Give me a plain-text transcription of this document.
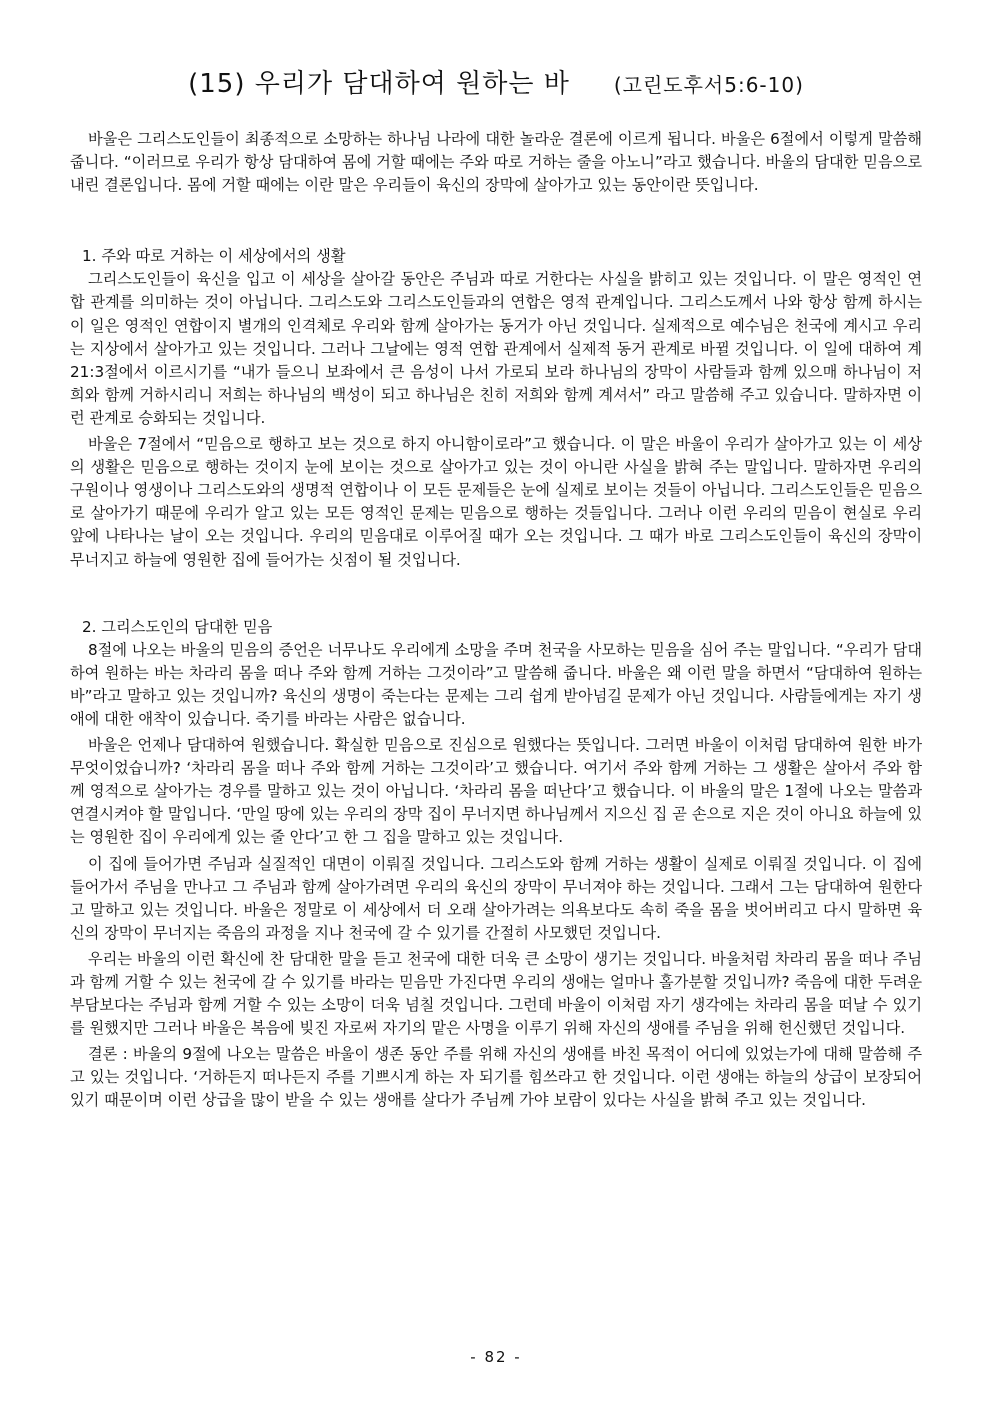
(15) 우리가 담대하여 원하는 바 (고린도후서5:6-10)

바울은 그리스도인들이 최종적으로 소망하는 하나님 나라에 대한 놀라운 결론에 이르게 됩니다. 바울은 6절에서 이렇게 말씀해 줍니다. “이러므로 우리가 항상 담대하여 몸에 거할 때에는 주와 따로 거하는 줄을 아노니”라고 했습니다. 바울의 담대한 믿음으로 내린 결론입니다. 몸에 거할 때에는 이란 말은 우리들이 육신의 장막에 살아가고 있는 동안이란 뜻입니다.

1. 주와 따로 거하는 이 세상에서의 생활

그리스도인들이 육신을 입고 이 세상을 살아갈 동안은 주님과 따로 거한다는 사실을 밝히고 있는 것입니다. 이 말은 영적인 연합 관계를 의미하는 것이 아닙니다. 그리스도와 그리스도인들과의 연합은 영적 관계입니다. 그리스도께서 나와 항상 함께 하시는 이 일은 영적인 연합이지 별개의 인격체로 우리와 함께 살아가는 동거가 아닌 것입니다. 실제적으로 예수님은 천국에 계시고 우리는 지상에서 살아가고 있는 것입니다. 그러나 그날에는 영적 연합 관계에서 실제적 동거 관계로 바뀔 것입니다. 이 일에 대하여 계21:3절에서 이르시기를 “내가 들으니 보좌에서 큰 음성이 나서 가로되 보라 하나님의 장막이 사람들과 함께 있으매 하나님이 저희와 함께 거하시리니 저희는 하나님의 백성이 되고 하나님은 친히 저희와 함께 계셔서” 라고 말씀해 주고 있습니다. 말하자면 이런 관계로 승화되는 것입니다.

바울은 7절에서 “믿음으로 행하고 보는 것으로 하지 아니함이로라”고 했습니다. 이 말은 바울이 우리가 살아가고 있는 이 세상의 생활은 믿음으로 행하는 것이지 눈에 보이는 것으로 살아가고 있는 것이 아니란 사실을 밝혀 주는 말입니다. 말하자면 우리의 구원이나 영생이나 그리스도와의 생명적 연합이나 이 모든 문제들은 눈에 실제로 보이는 것들이 아닙니다. 그리스도인들은 믿음으로 살아가기 때문에 우리가 알고 있는 모든 영적인 문제는 믿음으로 행하는 것들입니다. 그러나 이런 우리의 믿음이 현실로 우리 앞에 나타나는 날이 오는 것입니다. 우리의 믿음대로 이루어질 때가 오는 것입니다. 그 때가 바로 그리스도인들이 육신의 장막이 무너지고 하늘에 영원한 집에 들어가는 싯점이 될 것입니다.

2. 그리스도인의 담대한 믿음

8절에 나오는 바울의 믿음의 증언은 너무나도 우리에게 소망을 주며 천국을 사모하는 믿음을 심어 주는 말입니다. “우리가 담대하여 원하는 바는 차라리 몸을 떠나 주와 함께 거하는 그것이라”고 말씀해 줍니다. 바울은 왜 이런 말을 하면서 “담대하여 원하는 바”라고 말하고 있는 것입니까? 육신의 생명이 죽는다는 문제는 그리 쉽게 받아넘길 문제가 아닌 것입니다. 사람들에게는 자기 생애에 대한 애착이 있습니다. 죽기를 바라는 사람은 없습니다.

바울은 언제나 담대하여 원했습니다. 확실한 믿음으로 진심으로 원했다는 뜻입니다. 그러면 바울이 이처럼 담대하여 원한 바가 무엇이었습니까? ‘차라리 몸을 떠나 주와 함께 거하는 그것이라’고 했습니다. 여기서 주와 함께 거하는 그 생활은 살아서 주와 함께 영적으로 살아가는 경우를 말하고 있는 것이 아닙니다. ‘차라리 몸을 떠난다’고 했습니다. 이 바울의 말은 1절에 나오는 말씀과 연결시켜야 할 말입니다. ‘만일 땅에 있는 우리의 장막 집이 무너지면 하나님께서 지으신 집 곧 손으로 지은 것이 아니요 하늘에 있는 영원한 집이 우리에게 있는 줄 안다’고 한 그 집을 말하고 있는 것입니다.

이 집에 들어가면 주님과 실질적인 대면이 이뤄질 것입니다. 그리스도와 함께 거하는 생활이 실제로 이뤄질 것입니다. 이 집에 들어가서 주님을 만나고 그 주님과 함께 살아가려면 우리의 육신의 장막이 무너져야 하는 것입니다. 그래서 그는 담대하여 원한다고 말하고 있는 것입니다. 바울은 정말로 이 세상에서 더 오래 살아가려는 의욕보다도 속히 죽을 몸을 벗어버리고 다시 말하면 육신의 장막이 무너지는 죽음의 과정을 지나 천국에 갈 수 있기를 간절히 사모했던 것입니다.

우리는 바울의 이런 확신에 찬 담대한 말을 듣고 천국에 대한 더욱 큰 소망이 생기는 것입니다. 바울처럼 차라리 몸을 떠나 주님과 함께 거할 수 있는 천국에 갈 수 있기를 바라는 믿음만 가진다면 우리의 생애는 얼마나 홀가분할 것입니까? 죽음에 대한 두려운 부담보다는 주님과 함께 거할 수 있는 소망이 더욱 넘칠 것입니다. 그런데 바울이 이처럼 자기 생각에는 차라리 몸을 떠날 수 있기를 원했지만 그러나 바울은 복음에 빚진 자로써 자기의 맡은 사명을 이루기 위해 자신의 생애를 주님을 위해 헌신했던 것입니다.

결론 : 바울의 9절에 나오는 말씀은 바울이 생존 동안 주를 위해 자신의 생애를 바친 목적이 어디에 있었는가에 대해 말씀해 주고 있는 것입니다. ‘거하든지 떠나든지 주를 기쁘시게 하는 자 되기를 힘쓰라고 한 것입니다. 이런 생애는 하늘의 상급이 보장되어 있기 때문이며 이런 상급을 많이 받을 수 있는 생애를 살다가 주님께 가야 보람이 있다는 사실을 밝혀 주고 있는 것입니다.

- 82 -
